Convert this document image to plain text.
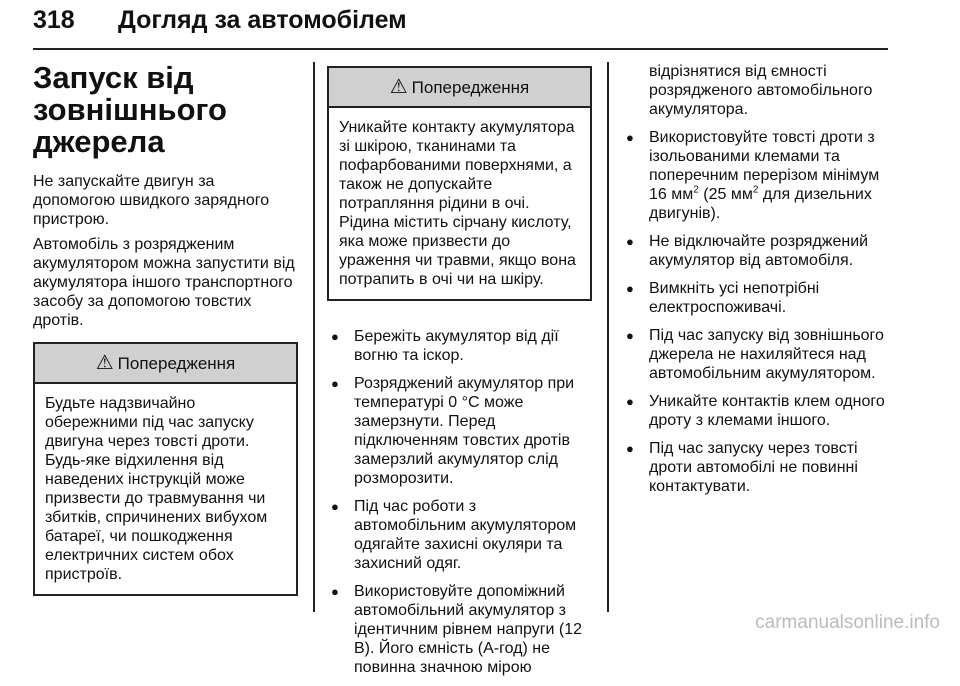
318 Догляд за автомобілем
Запуск від зовнішнього джерела

Не запускайте двигун за допомогою швидкого зарядного пристрою.

Автомобіль з розрядженим акумулятором можна запустити від акумулятора іншого транспортного засобу за допомогою товстих дротів.

⚠ Попередження
Будьте надзвичайно обережними під час запуску двигуна через товсті дроти. Будь-яке відхилення від наведених інструкцій може призвести до травмування чи збитків, спричинених вибухом батареї, чи пошкодження електричних систем обох пристроїв.
⚠ Попередження
Уникайте контакту акумулятора зі шкірою, тканинами та пофарбованими поверхнями, а також не допускайте потрапляння рідини в очі. Рідина містить сірчану кислоту, яка може призвести до ураження чи травми, якщо вона потрапить в очі чи на шкіру.
● Бережіть акумулятор від дії вогню та іскор.
● Розряджений акумулятор при температурі 0 °C може замерзнути. Перед підключенням товстих дротів замерзлий акумулятор слід розморозити.
● Під час роботи з автомобільним акумулятором одягайте захисні окуляри та захисний одяг.
● Використовуйте допоміжний автомобільний акумулятор з ідентичним рівнем напруги (12 В). Його ємність (А-год) не повинна значною мірою
відрізнятися від ємності розрядженого автомобільного акумулятора.
● Використовуйте товсті дроти з ізольованими клемами та поперечним перерізом мінімум 16 $мм^2$ (25 $мм^2$ для дизельних двигунів).
● Не відключайте розряджений акумулятор від автомобіля.
● Вимкніть усі непотрібні електроспоживачі.
● Під час запуску від зовнішнього джерела не нахиляйтеся над автомобільним акумулятором.
● Уникайте контактів клем одного дроту з клемами іншого.
● Під час запуску через товсті дроти автомобілі не повинні контактувати.
carmanualsonline.info
